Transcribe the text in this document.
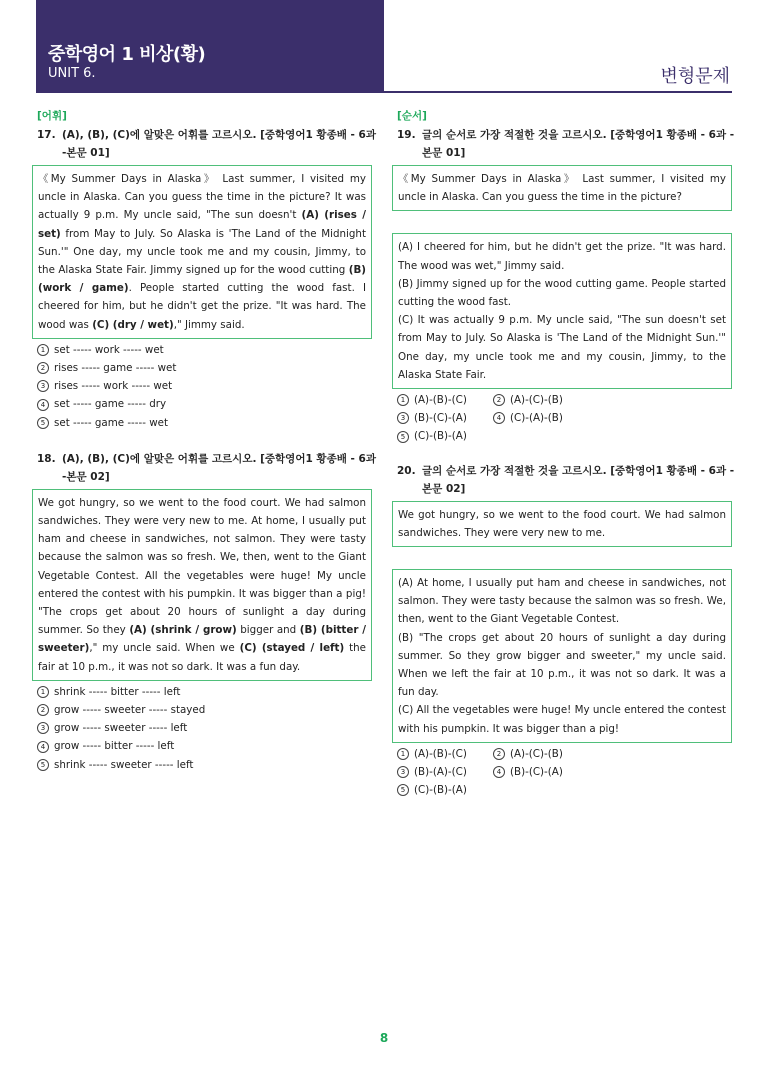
중학영어 1 비상(황)
UNIT 6.	변형문제
[어휘]

17. (A), (B), (C)에 알맞은 어휘를 고르시오. [중학영어1 황종배 - 6과 -본문 01]

《My Summer Days in Alaska》 Last summer, I visited my uncle in Alaska. Can you guess the time in the picture? It was actually 9 p.m. My uncle said, "The sun doesn't (A) (rises / set) from May to July. So Alaska is 'The Land of the Midnight Sun.'" One day, my uncle took me and my cousin, Jimmy, to the Alaska State Fair. Jimmy signed up for the wood cutting (B) (work / game). People started cutting the wood fast. I cheered for him, but he didn't get the prize. "It was hard. The wood was (C) (dry / wet)," Jimmy said.
1 set ----- work ----- wet
2 rises ----- game ----- wet
3 rises ----- work ----- wet
4 set ----- game ----- dry
5 set ----- game ----- wet

18. (A), (B), (C)에 알맞은 어휘를 고르시오. [중학영어1 황종배 - 6과 -본문 02]

We got hungry, so we went to the food court. We had salmon sandwiches. They were very new to me. At home, I usually put ham and cheese in sandwiches, not salmon. They were tasty because the salmon was so fresh. We, then, went to the Giant Vegetable Contest. All the vegetables were huge! My uncle entered the contest with his pumpkin. It was bigger than a pig! "The crops get about 20 hours of sunlight a day during summer. So they (A) (shrink / grow) bigger and (B) (bitter / sweeter)," my uncle said. When we (C) (stayed / left) the fair at 10 p.m., it was not so dark. It was a fun day.
1 shrink ----- bitter ----- left
2 grow ----- sweeter ----- stayed
3 grow ----- sweeter ----- left
4 grow ----- bitter ----- left
5 shrink ----- sweeter ----- left
[순서]

19. 글의 순서로 가장 적절한 것을 고르시오. [중학영어1 황종배 - 6과 -본문 01]

《My Summer Days in Alaska》 Last summer, I visited my uncle in Alaska. Can you guess the time in the picture?
(A) I cheered for him, but he didn't get the prize. "It was hard. The wood was wet," Jimmy said.
(B) Jimmy signed up for the wood cutting game. People started cutting the wood fast.
(C) It was actually 9 p.m. My uncle said, "The sun doesn't set from May to July. So Alaska is 'The Land of the Midnight Sun.'" One day, my uncle took me and my cousin, Jimmy, to the Alaska State Fair.
1 (A)-(B)-(C)	2 (A)-(C)-(B)
3 (B)-(C)-(A)	4 (C)-(A)-(B)
5 (C)-(B)-(A)

20. 글의 순서로 가장 적절한 것을 고르시오. [중학영어1 황종배 - 6과 -본문 02]

We got hungry, so we went to the food court. We had salmon sandwiches. They were very new to me.
(A) At home, I usually put ham and cheese in sandwiches, not salmon. They were tasty because the salmon was so fresh. We, then, went to the Giant Vegetable Contest.
(B) "The crops get about 20 hours of sunlight a day during summer. So they grow bigger and sweeter," my uncle said. When we left the fair at 10 p.m., it was not so dark. It was a fun day.
(C) All the vegetables were huge! My uncle entered the contest with his pumpkin. It was bigger than a pig!
1 (A)-(B)-(C)	2 (A)-(C)-(B)
3 (B)-(A)-(C)	4 (B)-(C)-(A)
5 (C)-(B)-(A)
8
